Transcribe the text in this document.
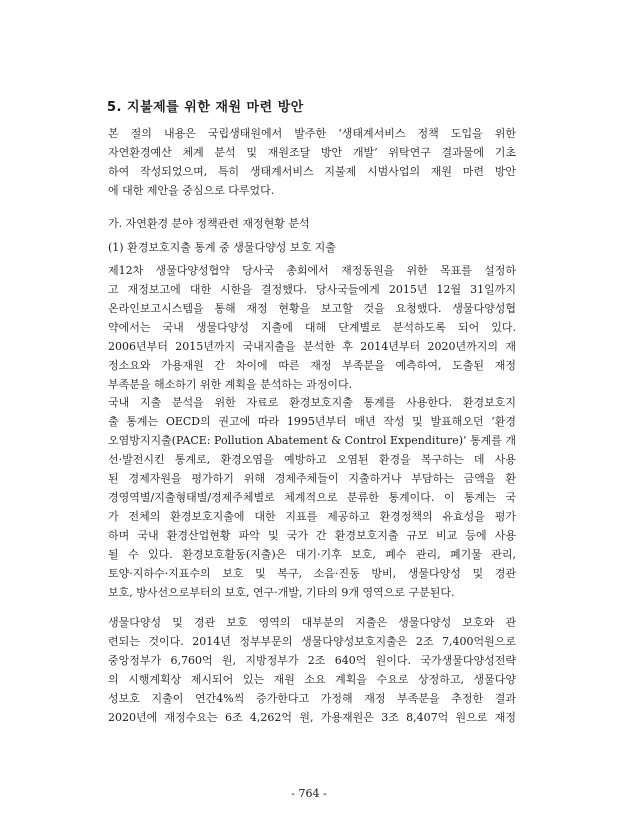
5. 지불제를 위한 재원 마련 방안
본 절의 내용은 국립생태원에서 발주한 ‘생태계서비스 정책 도입을 위한
자연환경예산 체계 분석 및 재원조달 방안 개발’ 위탁연구 결과물에 기초
하여 작성되었으며, 특히 생태계서비스 지불제 시범사업의 재원 마련 방안
에 대한 제안을 중심으로 다루었다.
가. 자연환경 분야 정책관련 재정현황 분석
(1) 환경보호지출 통계 중 생물다양성 보호 지출
제12차 생물다양성협약 당사국 총회에서 재정동원을 위한 목표를 설정하
고 재정보고에 대한 시한을 결정했다. 당사국들에게 2015년 12월 31일까지
온라인보고시스템을 통해 재정 현황을 보고할 것을 요청했다. 생물다양성협
약에서는 국내 생물다양성 지출에 대해 단계별로 분석하도록 되어 있다.
2006년부터 2015년까지 국내지출을 분석한 후 2014년부터 2020년까지의 재
정소요와 가용재원 간 차이에 따른 재정 부족분을 예측하여, 도출된 재정
부족분을 해소하기 위한 계획을 분석하는 과정이다.
국내 지출 분석을 위한 자료로 환경보호지출 통계를 사용한다. 환경보호지
출 통계는 OECD의 권고에 따라 1995년부터 매년 작성 및 발표해오던 ‘환경
오염방지지출(PACE: Pollution Abatement & Control Expenditure)’ 통계를 개
선·발전시킨 통계로, 환경오염을 예방하고 오염된 환경을 복구하는 데 사용
된 경제자원을 평가하기 위해 경제주체들이 지출하거나 부담하는 금액을 환
경영역별/지출형태별/경제주체별로 체계적으로 분류한 통계이다. 이 통계는 국
가 전체의 환경보호지출에 대한 지표를 제공하고 환경정책의 유효성을 평가
하며 국내 환경산업현황 파악 및 국가 간 환경보호지출 규모 비교 등에 사용
될 수 있다. 환경보호활동(지출)은 대기·기후 보호, 폐수 관리, 폐기물 관리,
토양·지하수·지표수의 보호 및 복구, 소음·진동 방비, 생물다양성 및 경관
보호, 방사선으로부터의 보호, 연구·개발, 기타의 9개 영역으로 구분된다.
생물다양성 및 경관 보호 영역의 대부분의 지출은 생물다양성 보호와 관
련되는 것이다. 2014년 정부부문의 생물다양성보호지출은 2조 7,400억원으로
중앙정부가 6,760억 원, 지방정부가 2조 640억 원이다. 국가생물다양성전략
의 시행계획상 제시되어 있는 재원 소요 계획을 수요로 상정하고, 생물다양
성보호 지출이 연간4%씩 증가한다고 가정해 재정 부족분을 추정한 결과
2020년에 재정수요는 6조 4,262억 원, 가용재원은 3조 8,407억 원으로 재정
- 764 -
